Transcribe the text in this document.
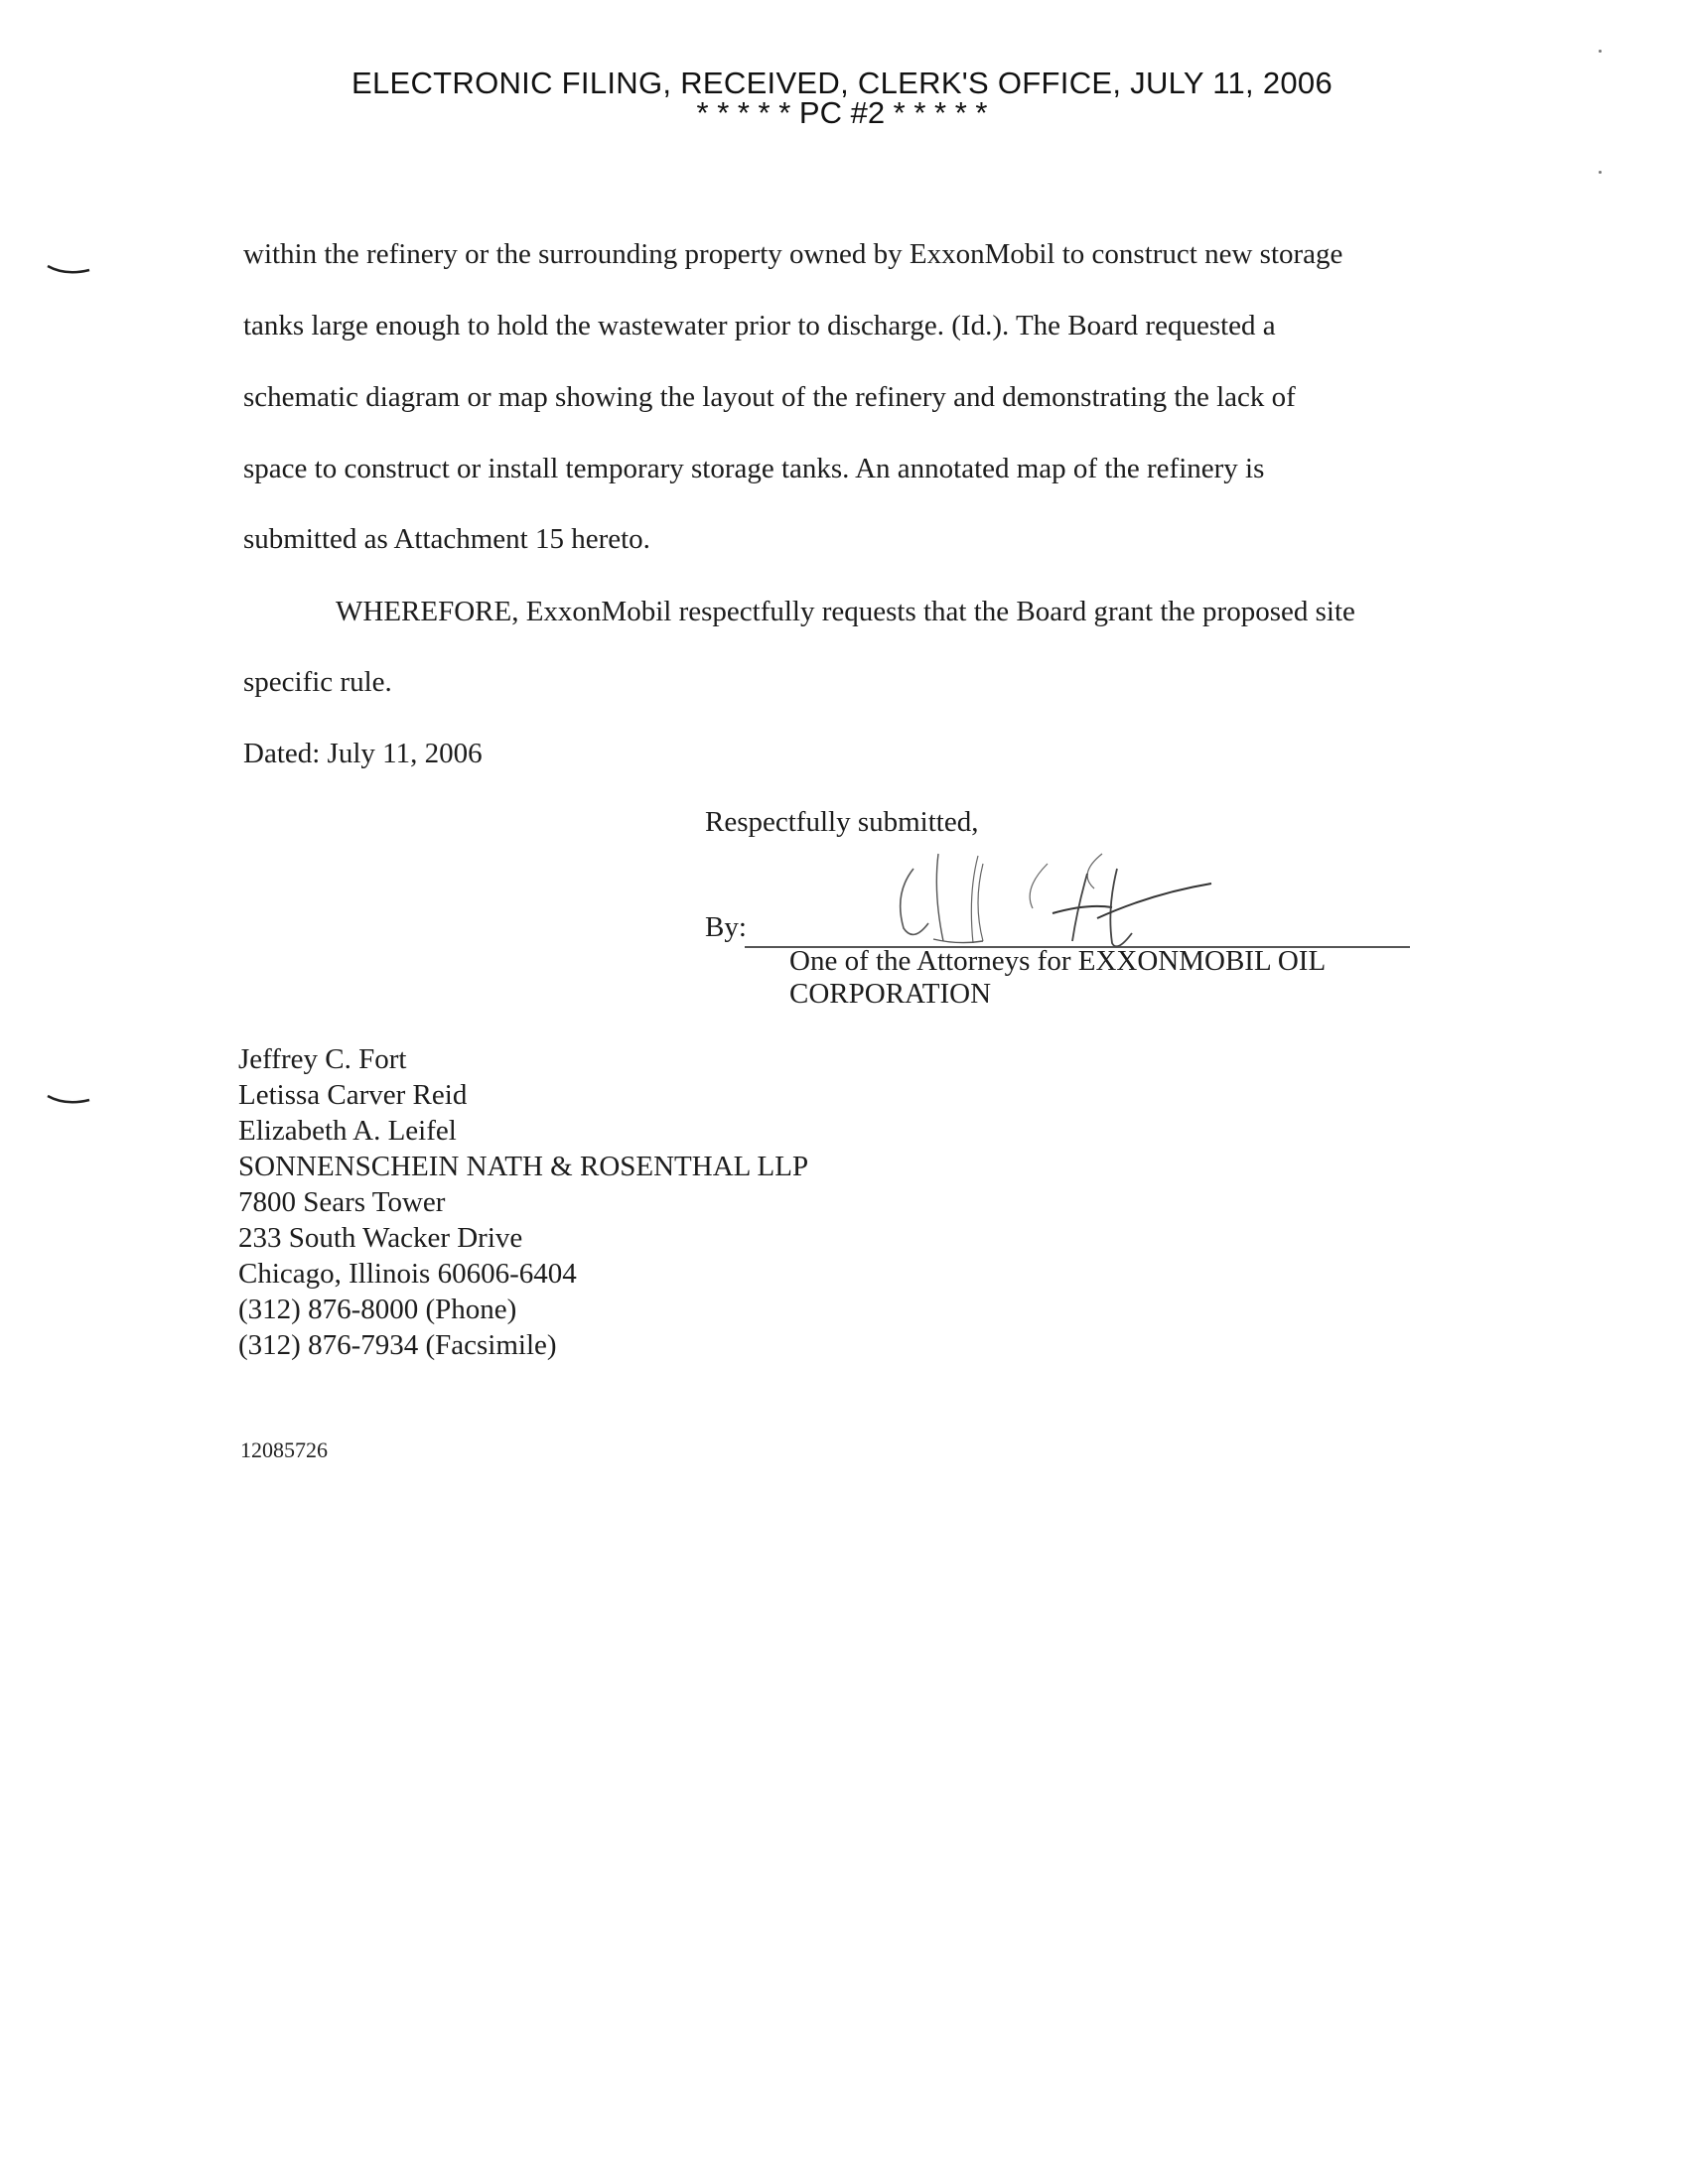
ELECTRONIC FILING, RECEIVED, CLERK'S OFFICE, JULY 11, 2006
* * * * * PC #2 * * * * *
within the refinery or the surrounding property owned by ExxonMobil to construct new storage
tanks large enough to hold the wastewater prior to discharge. (Id.). The Board requested a
schematic diagram or map showing the layout of the refinery and demonstrating the lack of
space to construct or install temporary storage tanks. An annotated map of the refinery is
submitted as Attachment 15 hereto.
WHEREFORE, ExxonMobil respectfully requests that the Board grant the proposed site
specific rule.
Dated: July 11, 2006
Respectfully submitted,
By:
One of the Attorneys for EXXONMOBIL OIL
CORPORATION
Jeffrey C. Fort
Letissa Carver Reid
Elizabeth A. Leifel
SONNENSCHEIN NATH & ROSENTHAL LLP
7800 Sears Tower
233 South Wacker Drive
Chicago, Illinois 60606-6404
(312) 876-8000 (Phone)
(312) 876-7934 (Facsimile)
12085726
